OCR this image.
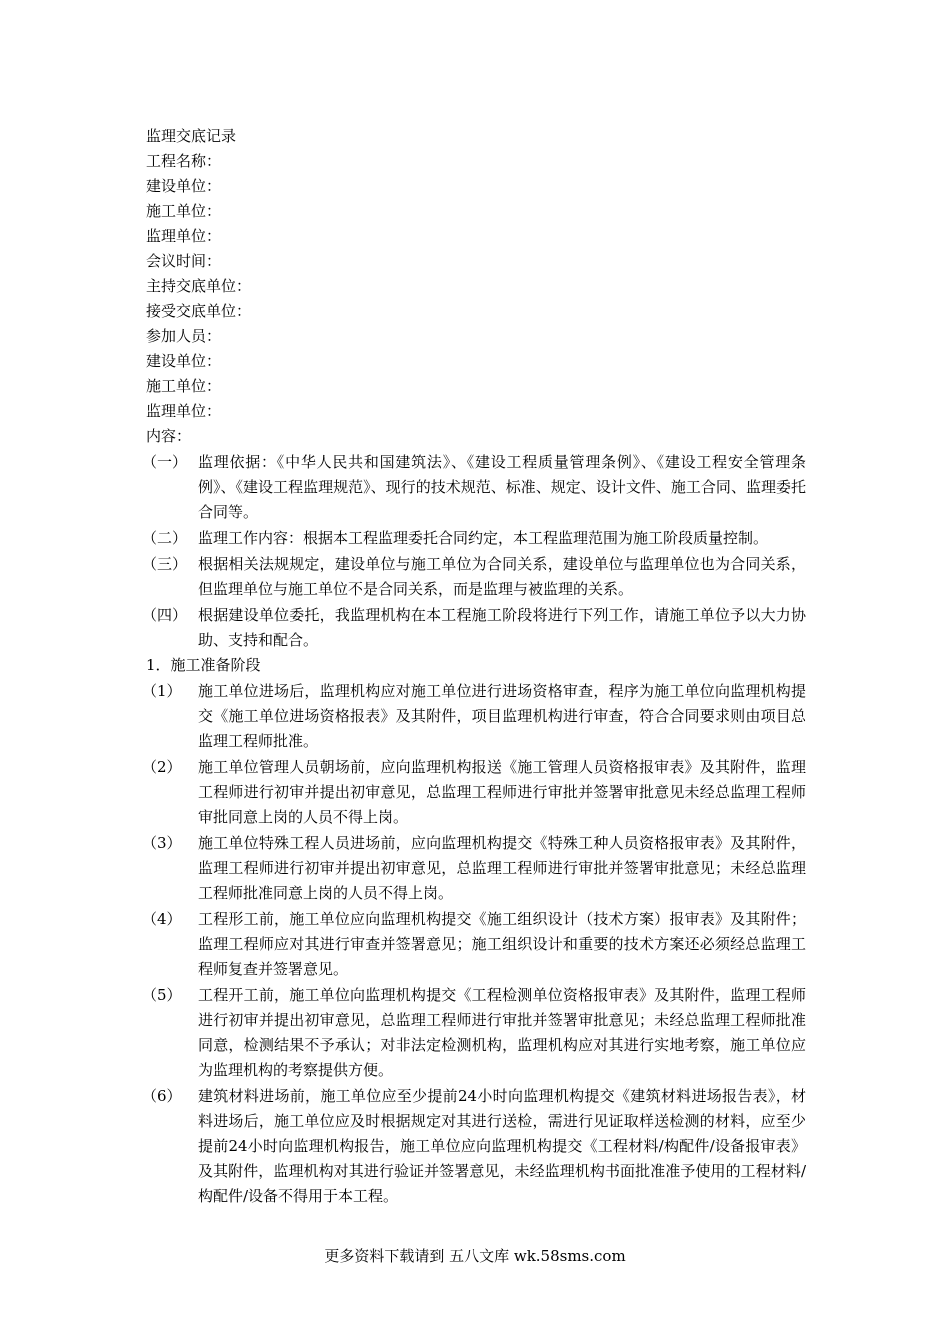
监理交底记录
工程名称：
建设单位：
施工单位：
监理单位：
会议时间：
主持交底单位：
接受交底单位：
参加人员：
建设单位：
施工单位：
监理单位：
内容：
（一） 监理依据：《中华人民共和国建筑法》、《建设工程质量管理条例》、《建设工程安全管理条例》、《建设工程监理规范》、现行的技术规范、标准、规定、设计文件、施工合同、监理委托合同等。
（二） 监理工作内容：根据本工程监理委托合同约定，本工程监理范围为施工阶段质量控制。
（三） 根据相关法规规定，建设单位与施工单位为合同关系，建设单位与监理单位也为合同关系，但监理单位与施工单位不是合同关系，而是监理与被监理的关系。
（四） 根据建设单位委托，我监理机构在本工程施工阶段将进行下列工作，请施工单位予以大力协助、支持和配合。
1．施工准备阶段
（1）	施工单位进场后，监理机构应对施工单位进行进场资格审查，程序为施工单位向监理机构提交《施工单位进场资格报表》及其附件，项目监理机构进行审查，符合合同要求则由项目总监理工程师批准。
（2）	施工单位管理人员朝场前，应向监理机构报送《施工管理人员资格报审表》及其附件，监理工程师进行初审并提出初审意见，总监理工程师进行审批并签署审批意见未经总监理工程师审批同意上岗的人员不得上岗。
（3）	施工单位特殊工程人员进场前，应向监理机构提交《特殊工种人员资格报审表》及其附件，监理工程师进行初审并提出初审意见，总监理工程师进行审批并签署审批意见；未经总监理工程师批准同意上岗的人员不得上岗。
（4）	工程形工前，施工单位应向监理机构提交《施工组织设计（技术方案）报审表》及其附件；监理工程师应对其进行审查并签署意见；施工组织设计和重要的技术方案还必须经总监理工程师复查并签署意见。
（5）	工程开工前，施工单位向监理机构提交《工程检测单位资格报审表》及其附件，监理工程师进行初审并提出初审意见，总监理工程师进行审批并签署审批意见；未经总监理工程师批准同意，检测结果不予承认；对非法定检测机构，监理机构应对其进行实地考察，施工单位应为监理机构的考察提供方便。
（6）	建筑材料进场前，施工单位应至少提前24小时向监理机构提交《建筑材料进场报告表》，材料进场后，施工单位应及时根据规定对其进行送检，需进行见证取样送检测的材料，应至少提前24小时向监理机构报告，施工单位应向监理机构提交《工程材料/构配件/设备报审表》及其附件，监理机构对其进行验证并签署意见，未经监理机构书面批准准予使用的工程材料/构配件/设备不得用于本工程。
更多资料下载请到 五八文库 wk.58sms.com
